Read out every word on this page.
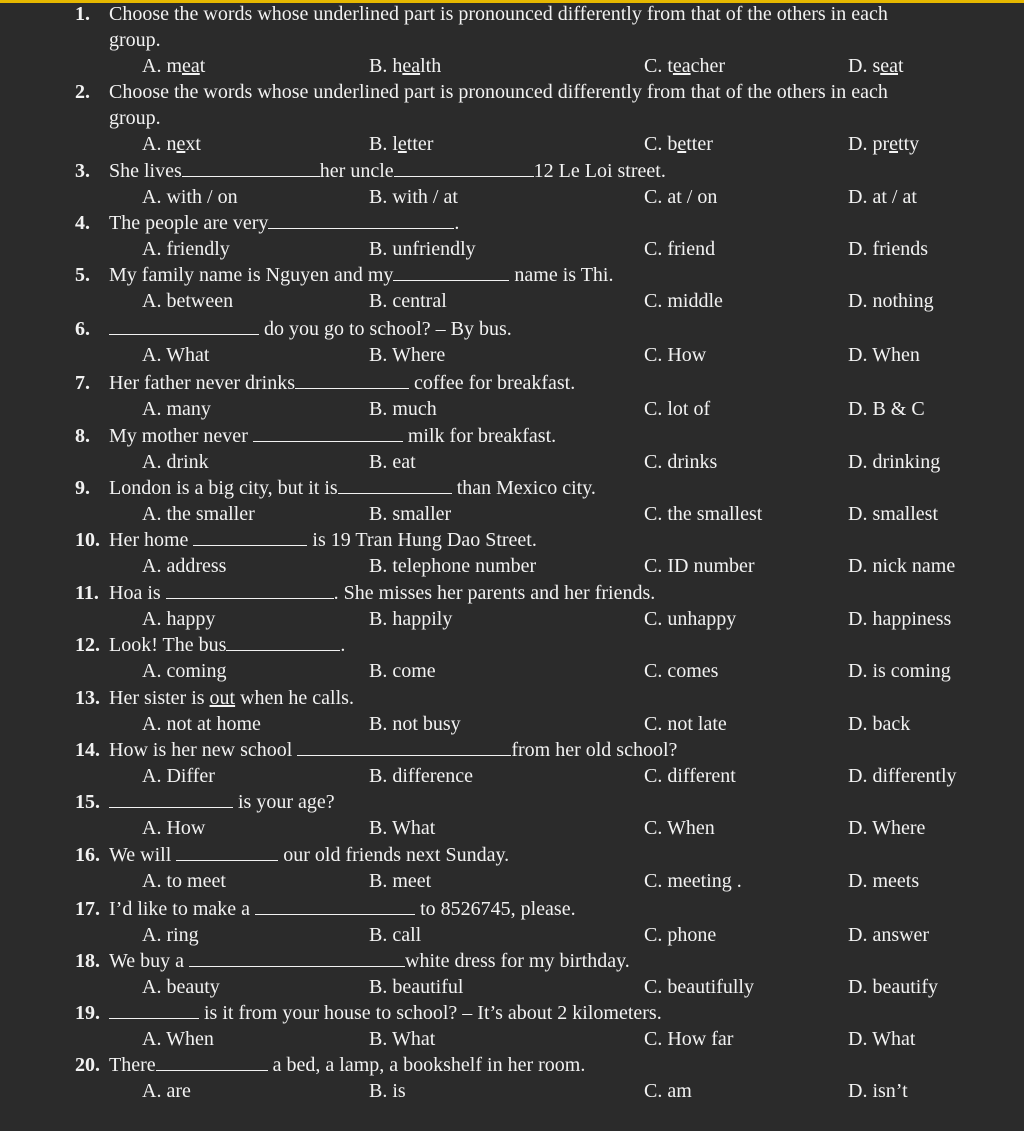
1. Choose the words whose underlined part is pronounced differently from that of the others in each
group.
A. meat	B. health	C. teacher	D. seat
2. Choose the words whose underlined part is pronounced differently from that of the others in each
group.
A. next	B. letter	C. better	D. pretty
3. She lives	her uncle	12 Le Loi street.
A. with / on	B. with / at	C. at / on	D. at / at
4. The people are very	.
A. friendly	B. unfriendly	C. friend	D. friends
5. My family name is Nguyen and my	name is Thi.
A. between	B. central	C. middle	D. nothing
6.	do you go to school? – By bus.
A. What	B. Where	C. How	D. When
7. Her father never drinks	coffee for breakfast.
A. many	B. much	C. lot of	D. B & C
8. My mother never	milk for breakfast.
A. drink	B. eat	C. drinks	D. drinking
9. London is a big city, but it is	than Mexico city.
A. the smaller	B. smaller	C. the smallest	D. smallest
10. Her home	is 19 Tran Hung Dao Street.
A. address	B. telephone number	C. ID number	D. nick name
11. Hoa is	. She misses her parents and her friends.
A. happy	B. happily	C. unhappy	D. happiness
12. Look! The bus	.
A. coming	B. come	C. comes	D. is coming
13. Her sister is out when he calls.
A. not at home	B. not busy	C. not late	D. back
14. How is her new school	from her old school?
A. Differ	B. difference	C. different	D. differently
15.	is your age?
A. How	B. What	C. When	D. Where
16. We will	our old friends next Sunday.
A. to meet	B. meet	C. meeting .	D. meets
17. I’d like to make a	to 8526745, please.
A. ring	B. call	C. phone	D. answer
18. We buy a	white dress for my birthday.
A. beauty	B. beautiful	C. beautifully	D. beautify
19.	is it from your house to school? – It’s about 2 kilometers.
A. When	B. What	C. How far	D. What
20. There	a bed, a lamp, a bookshelf in her room.
A. are	B. is	C. am	D. isn’t
